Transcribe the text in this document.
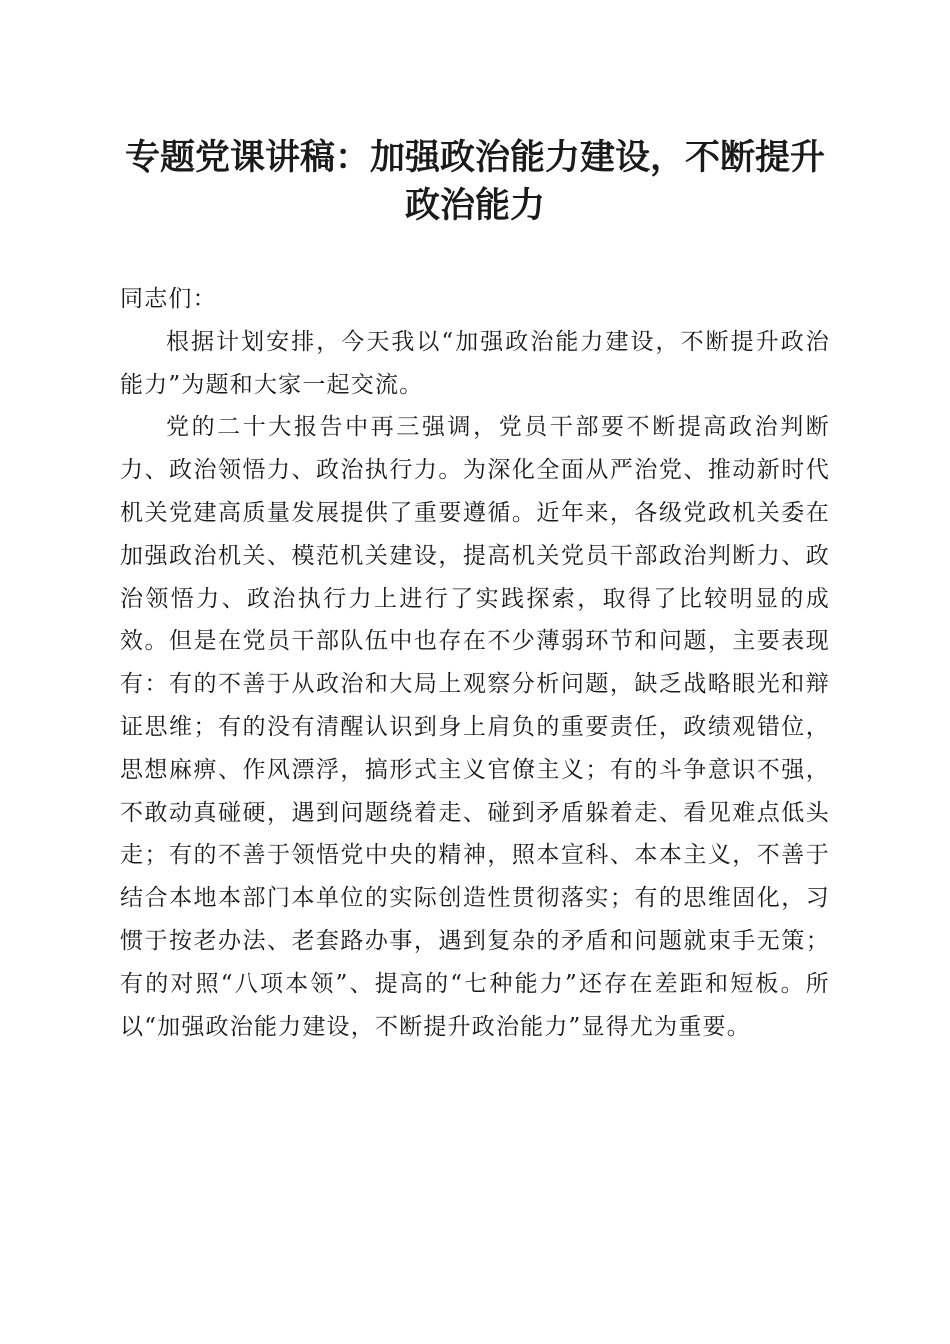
专题党课讲稿：加强政治能力建设，不断提升
政治能力

同志们：

根据计划安排，今天我以“加强政治能力建设，不断提升政治能力”为题和大家一起交流。

党的二十大报告中再三强调，党员干部要不断提高政治判断力、政治领悟力、政治执行力。为深化全面从严治党、推动新时代机关党建高质量发展提供了重要遵循。近年来，各级党政机关委在加强政治机关、模范机关建设，提高机关党员干部政治判断力、政治领悟力、政治执行力上进行了实践探索，取得了比较明显的成效。但是在党员干部队伍中也存在不少薄弱环节和问题，主要表现有：有的不善于从政治和大局上观察分析问题，缺乏战略眼光和辩证思维；有的没有清醒认识到身上肩负的重要责任，政绩观错位，思想麻痹、作风漂浮，搞形式主义官僚主义；有的斗争意识不强，不敢动真碰硬，遇到问题绕着走、碰到矛盾躲着走、看见难点低头走；有的不善于领悟党中央的精神，照本宣科、本本主义，不善于结合本地本部门本单位的实际创造性贯彻落实；有的思维固化，习惯于按老办法、老套路办事，遇到复杂的矛盾和问题就束手无策；有的对照“八项本领”、提高的“七种能力”还存在差距和短板。所以“加强政治能力建设，不断提升政治能力”显得尤为重要。
